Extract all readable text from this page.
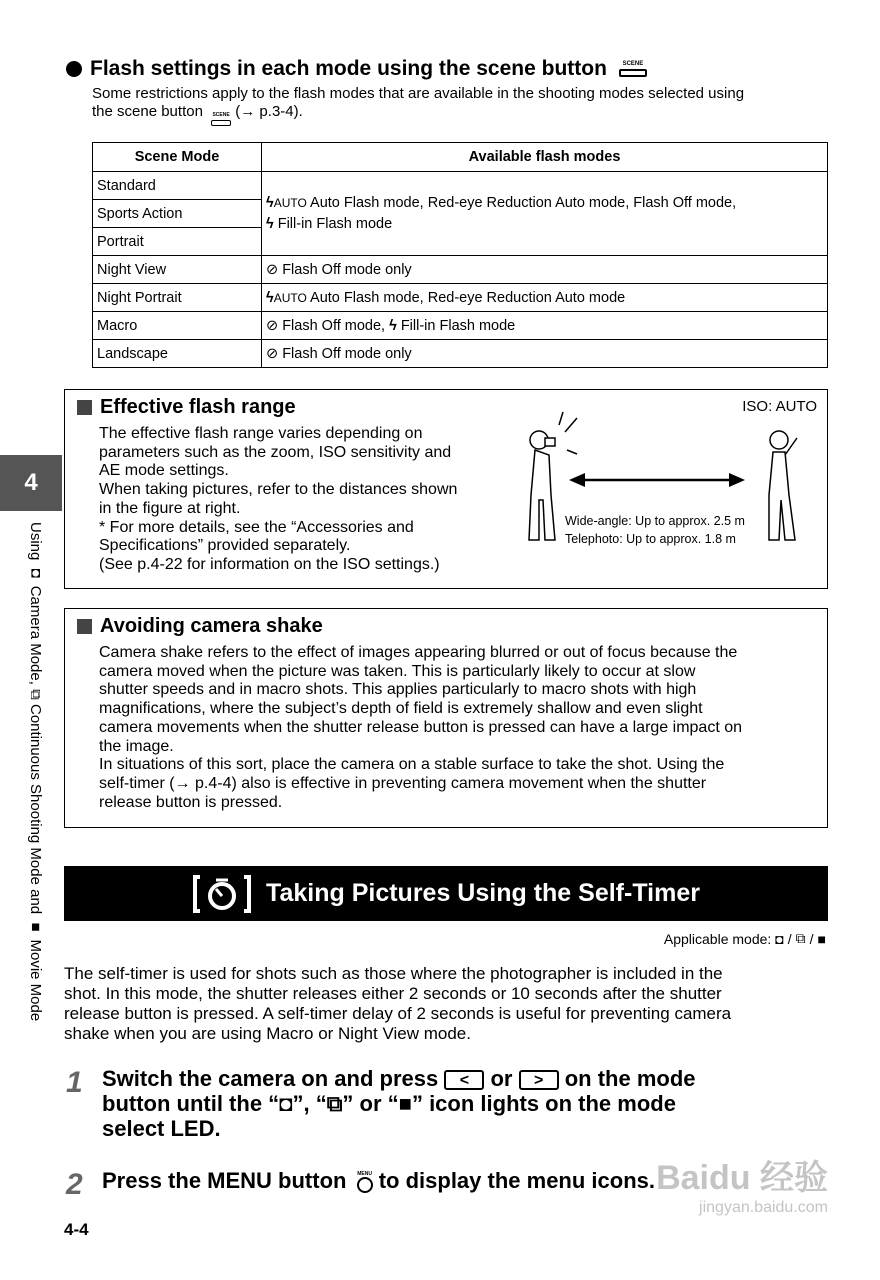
Flash settings in each mode using the scene button	SCENE
Some restrictions apply to the flash modes that are available in the shooting modes selected using
the scene button SCENE (→ p.3-4).
Scene Mode	Available flash modes
Standard	ϟAUTO Auto Flash mode, Red-eye Reduction Auto mode, Flash Off mode,
ϟ Fill-in Flash mode

Sports Action	
Portrait	
Night View	⊘ Flash Off mode only
Night Portrait	ϟAUTO Auto Flash mode, Red-eye Reduction Auto mode
Macro	⊘ Flash Off mode, ϟ Fill-in Flash mode
Landscape	⊘ Flash Off mode only
Effective flash range	ISO: AUTO
The effective flash range varies depending on
parameters such as the zoom, ISO sensitivity and
AE mode settings.
When taking pictures, refer to the distances shown
in the figure at right.
* For more details, see the “Accessories and
Specifications” provided separately.
(See p.4-22 for information on the ISO settings.)
Wide-angle: Up to approx. 2.5 m
Telephoto: Up to approx. 1.8 m
Avoiding camera shake
Camera shake refers to the effect of images appearing blurred or out of focus because the
camera moved when the picture was taken. This is particularly likely to occur at slow
shutter speeds and in macro shots. This applies particularly to macro shots with high
magnifications, where the subject’s depth of field is extremely shallow and even slight
camera movements when the shutter release button is pressed can have a large impact on
the image.
In situations of this sort, place the camera on a stable surface to take the shot. Using the
self-timer (→ p.4-4) also is effective in preventing camera movement when the shutter
release button is pressed.
4
Using ◘ Camera Mode, ⧉ Continuous Shooting Mode and ■ Movie Mode
Taking Pictures Using the Self-Timer
Applicable mode: ◘ / ⧉ / ■
The self-timer is used for shots such as those where the photographer is included in the
shot. In this mode, the shutter releases either 2 seconds or 10 seconds after the shutter
release button is pressed. A self-timer delay of 2 seconds is useful for preventing camera
shake when you are using Macro or Night View mode.
1 Switch the camera on and press < or > on the mode
button until the “◘”, “⧉” or “■” icon lights on the mode
select LED.
2 Press the MENU button MENU to display the menu icons.
4-4
Baidu 经验
jingyan.baidu.com
